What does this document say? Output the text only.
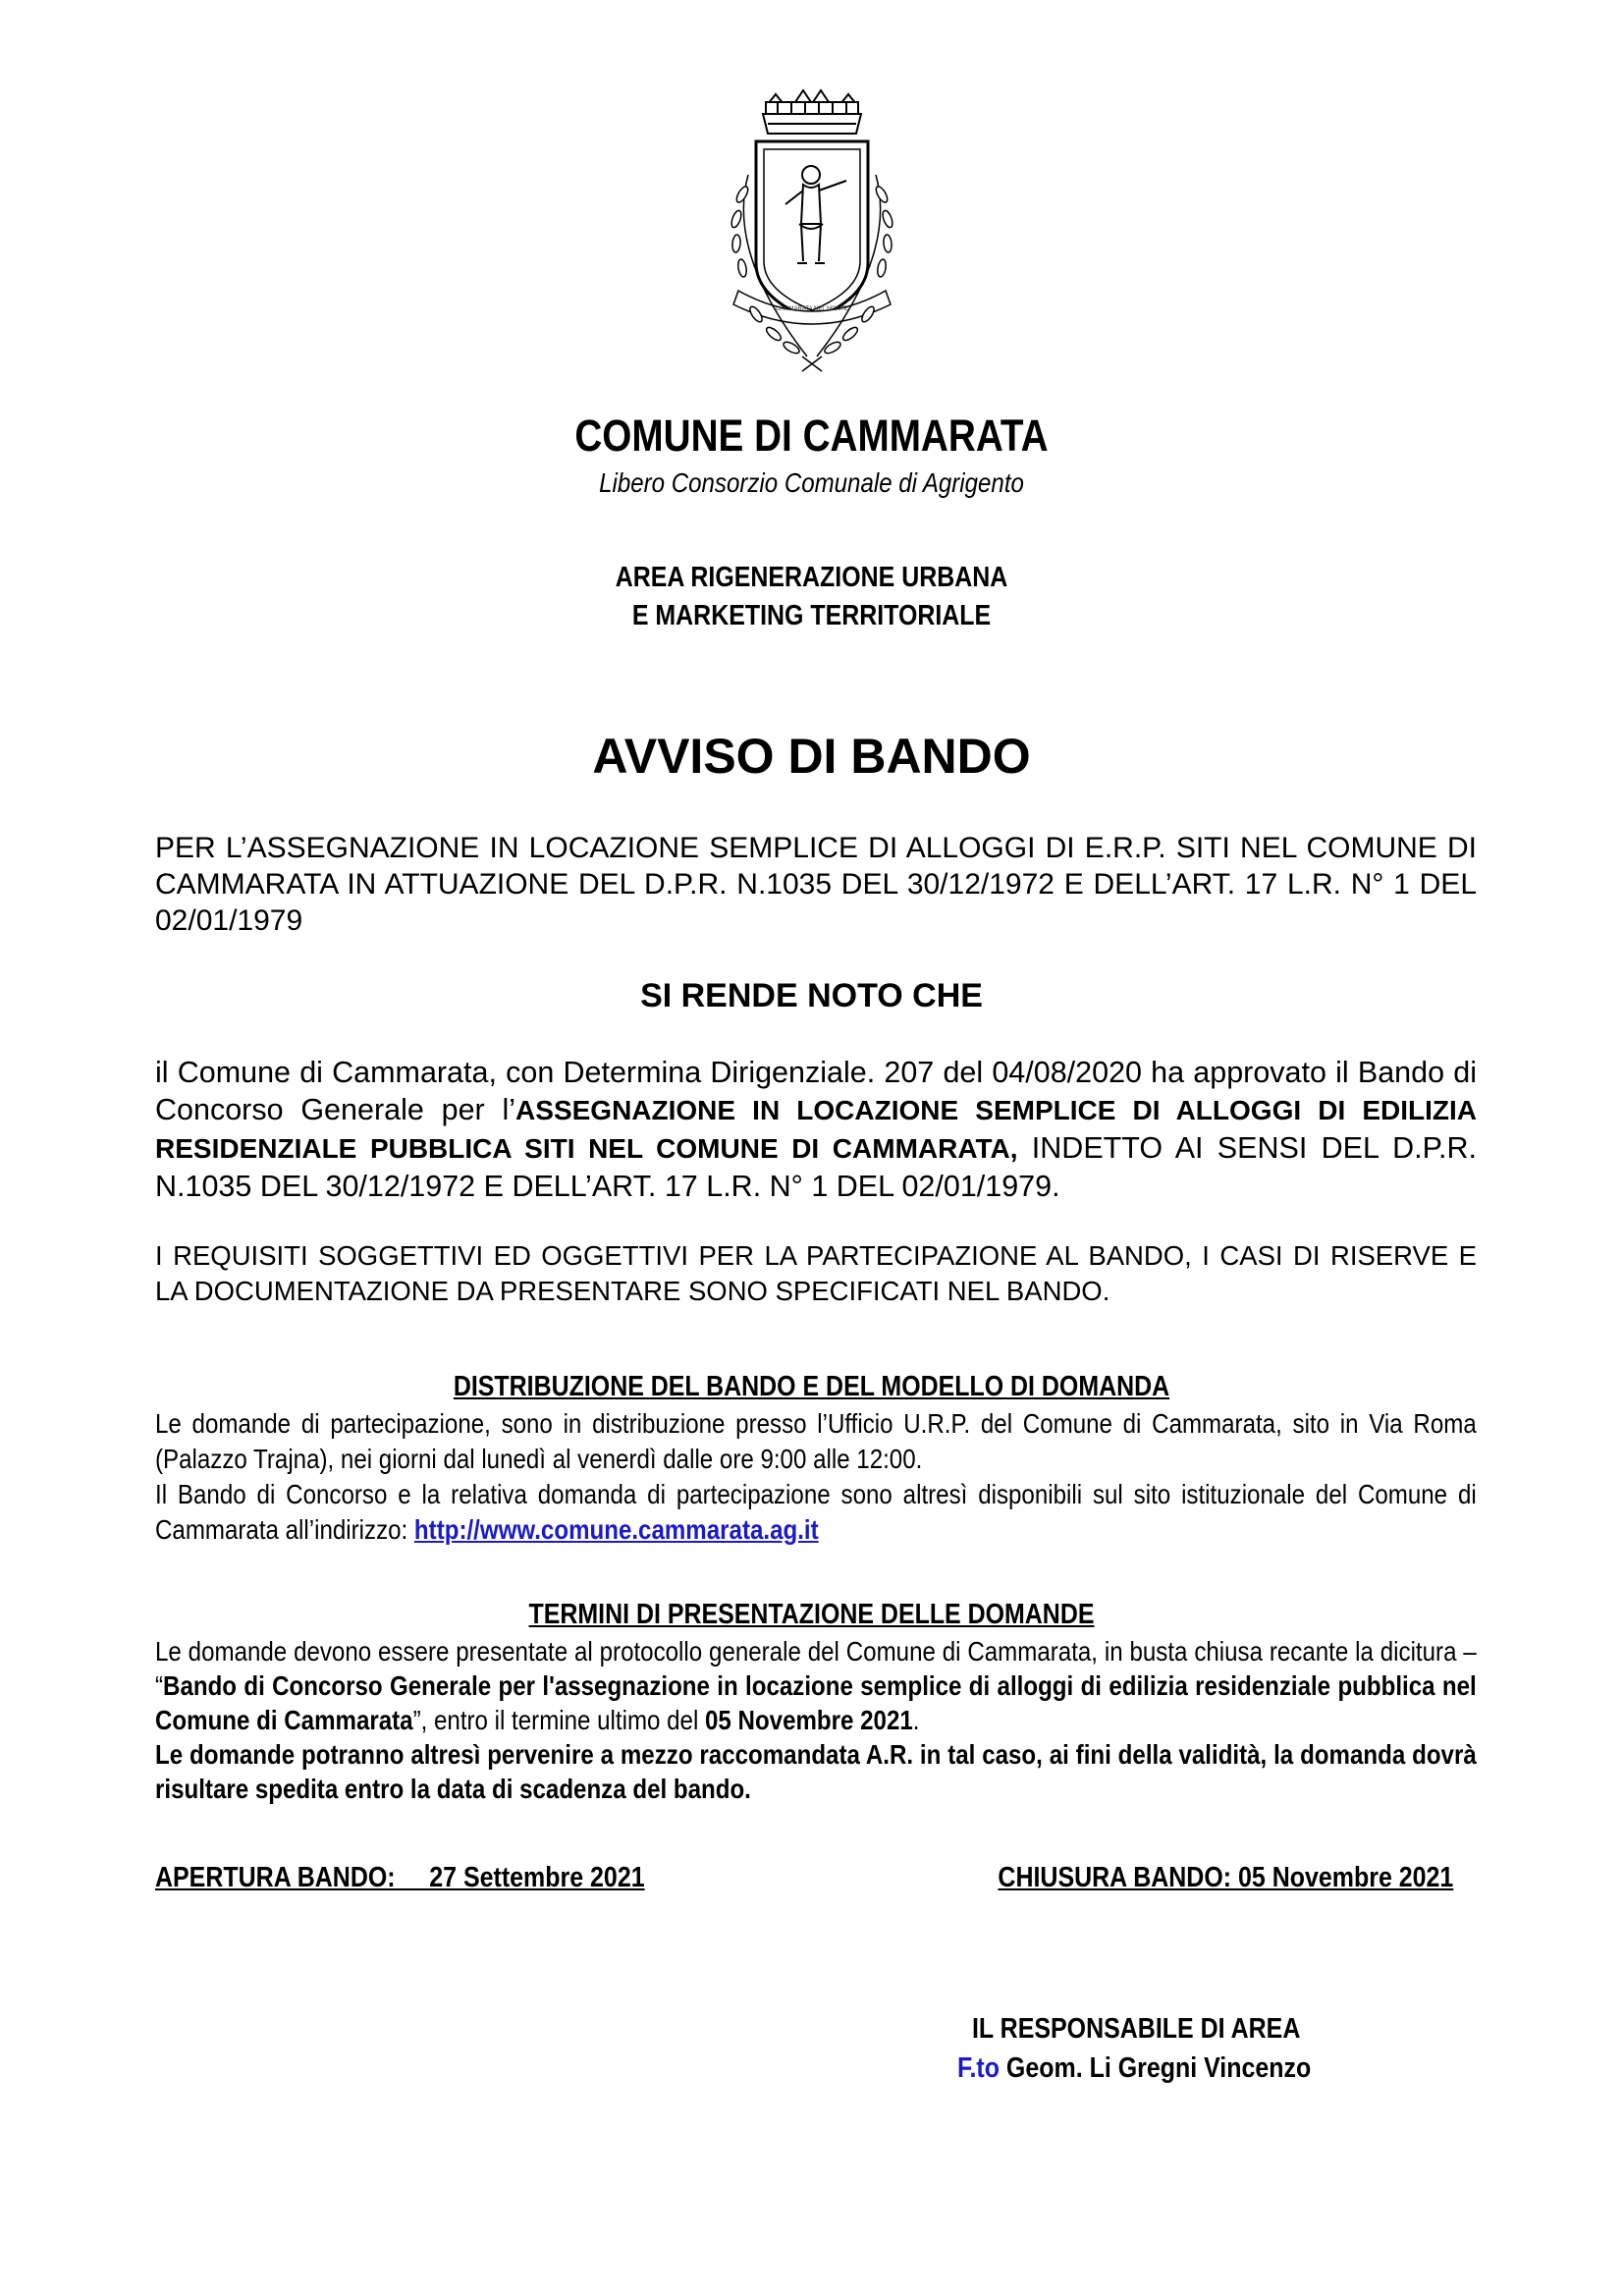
CAMMARATA NEL MONTE
COMUNE DI CAMMARATA
Libero Consorzio Comunale di Agrigento
AREA RIGENERAZIONE URBANA
E MARKETING TERRITORIALE
AVVISO DI BANDO
PER L’ASSEGNAZIONE IN LOCAZIONE SEMPLICE DI ALLOGGI DI E.R.P. SITI NEL COMUNE DI CAMMARATA IN ATTUAZIONE DEL D.P.R. N.1035 DEL 30/12/1972 E DELL’ART. 17 L.R. N° 1 DEL 02/01/1979
SI RENDE NOTO CHE
il Comune di Cammarata, con Determina Dirigenziale. 207 del 04/08/2020 ha approvato il Bando di Concorso Generale per l’ASSEGNAZIONE IN LOCAZIONE SEMPLICE DI ALLOGGI DI EDILIZIA RESIDENZIALE PUBBLICA SITI NEL COMUNE DI CAMMARATA, INDETTO AI SENSI DEL D.P.R. N.1035 DEL 30/12/1972 E DELL’ART. 17 L.R. N° 1 DEL 02/01/1979.
I REQUISITI SOGGETTIVI ED OGGETTIVI PER LA PARTECIPAZIONE AL BANDO, I CASI DI RISERVE E LA DOCUMENTAZIONE DA PRESENTARE SONO SPECIFICATI NEL BANDO.
DISTRIBUZIONE DEL BANDO E DEL MODELLO DI DOMANDA
Le domande di partecipazione, sono in distribuzione presso l’Ufficio U.R.P. del Comune di Cammarata, sito in Via Roma (Palazzo Trajna), nei giorni dal lunedì al venerdì dalle ore 9:00 alle 12:00.
Il Bando di Concorso e la relativa domanda di partecipazione sono altresì disponibili sul sito istituzionale del Comune di Cammarata all’indirizzo: http://www.comune.cammarata.ag.it
TERMINI DI PRESENTAZIONE DELLE DOMANDE
Le domande devono essere presentate al protocollo generale del Comune di Cammarata, in busta chiusa recante la dicitura – “Bando di Concorso Generale per l'assegnazione in locazione semplice di alloggi di edilizia residenziale pubblica nel Comune di Cammarata”, entro il termine ultimo del 05 Novembre 2021.
Le domande potranno altresì pervenire a mezzo raccomandata A.R. in tal caso, ai fini della validità, la domanda dovrà risultare spedita entro la data di scadenza del bando.
APERTURA BANDO:     27 Settembre 2021	CHIUSURA BANDO: 05 Novembre 2021
IL RESPONSABILE DI AREA
F.to Geom. Li Gregni Vincenzo
